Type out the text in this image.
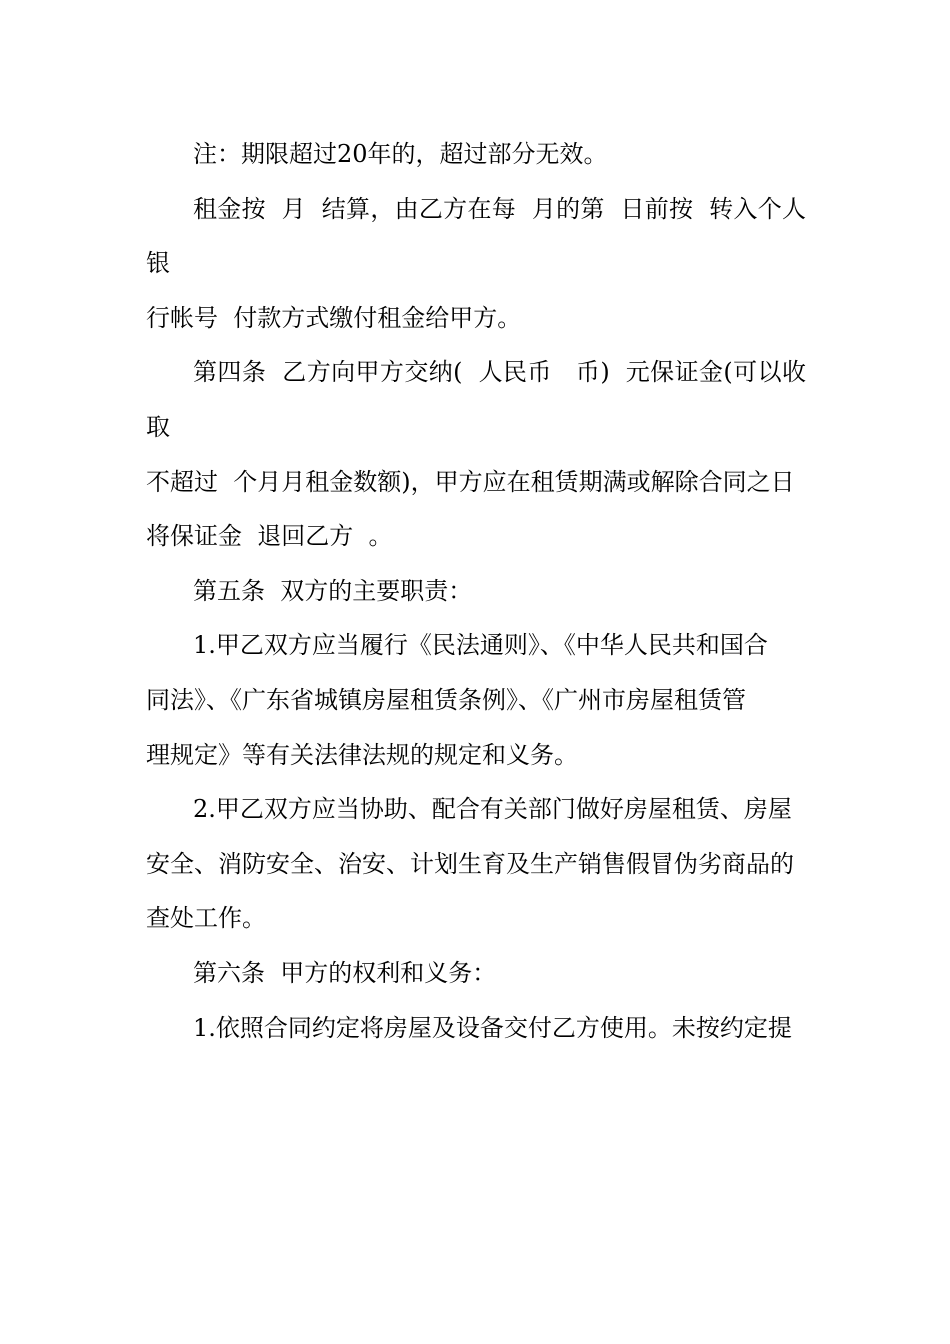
注：期限超过20年的，超过部分无效。

租金按  月  结算，由乙方在每  月的第  日前按  转入个人银

行帐号  付款方式缴付租金给甲方。

第四条  乙方向甲方交纳(  人民币   币)  元保证金(可以收取

不超过  个月月租金数额)，甲方应在租赁期满或解除合同之日

将保证金  退回乙方  。

第五条  双方的主要职责：

1.甲乙双方应当履行《民法通则》、《中华人民共和国合

同法》、《广东省城镇房屋租赁条例》、《广州市房屋租赁管

理规定》等有关法律法规的规定和义务。

2.甲乙双方应当协助、配合有关部门做好房屋租赁、房屋

安全、消防安全、治安、计划生育及生产销售假冒伪劣商品的

查处工作。

第六条  甲方的权利和义务：

1.依照合同约定将房屋及设备交付乙方使用。未按约定提
